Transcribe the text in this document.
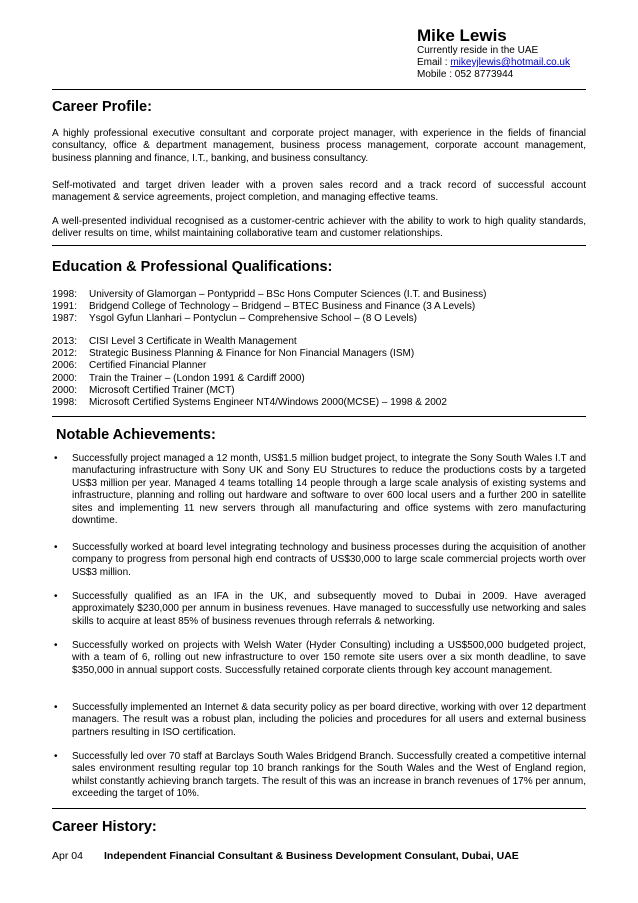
Mike Lewis
Currently reside in the UAE
Email : mikeyjlewis@hotmail.co.uk
Mobile : 052 8773944
Career Profile:

A highly professional executive consultant and corporate project manager, with experience in the fields of financial consultancy, office & department management, business process management, corporate account management, business planning and finance, I.T., banking, and business consultancy.

Self-motivated and target driven leader with a proven sales record and a track record of successful account management & service agreements, project completion, and managing effective teams.

A well-presented individual recognised as a customer-centric achiever with the ability to work to high quality standards, deliver results on time, whilst maintaining collaborative team and customer relationships.

Education & Professional Qualifications:
1998:	University of Glamorgan – Pontypridd – BSc Hons Computer Sciences (I.T. and Business)
1991:	Bridgend College of Technology – Bridgend – BTEC Business and Finance (3 A Levels)
1987:	Ysgol Gyfun Llanhari – Pontyclun – Comprehensive School – (8 O Levels)
2013:	CISI Level 3 Certificate in Wealth Management
2012:	Strategic Business Planning & Finance for Non Financial Managers (ISM)
2006:	Certified Financial Planner
2000:	Train the Trainer – (London 1991 & Cardiff 2000)
2000:	Microsoft Certified Trainer (MCT)
1998:	Microsoft Certified Systems Engineer NT4/Windows 2000(MCSE) – 1998 & 2002
Notable Achievements:
•	Successfully project managed a 12 month, US$1.5 million budget project, to integrate the Sony South Wales I.T and manufacturing infrastructure with Sony UK and Sony EU Structures to reduce the productions costs by a targeted US$3 million per year. Managed 4 teams totalling 14 people through a large scale analysis of existing systems and infrastructure, planning and rolling out hardware and software to over 600 local users and a further 200 in satellite sites and implementing 11 new servers through all manufacturing and office systems with zero manufacturing downtime.
•	Successfully worked at board level integrating technology and business processes during the acquisition of another company to progress from personal high end contracts of US$30,000 to large scale commercial projects worth over US$3 million.
•	Successfully qualified as an IFA in the UK, and subsequently moved to Dubai in 2009. Have averaged approximately $230,000 per annum in business revenues. Have managed to successfully use networking and sales skills to acquire at least 85% of business revenues through referrals & networking.
•	Successfully worked on projects with Welsh Water (Hyder Consulting) including a US$500,000 budgeted project, with a team of 6, rolling out new infrastructure to over 150 remote site users over a six month deadline, to save $350,000 in annual support costs. Successfully retained corporate clients through key account management.
•	Successfully implemented an Internet & data security policy as per board directive, working with over 12 department managers. The result was a robust plan, including the policies and procedures for all users and external business partners resulting in ISO certification.
•	Successfully led over 70 staff at Barclays South Wales Bridgend Branch. Successfully created a competitive internal sales environment resulting regular top 10 branch rankings for the South Wales and the West of England region, whilst constantly achieving branch targets. The result of this was an increase in branch revenues of 17% per annum, exceeding the target of 10%.
Career History:
Apr 04	Independent Financial Consultant & Business Development Consulant, Dubai, UAE
